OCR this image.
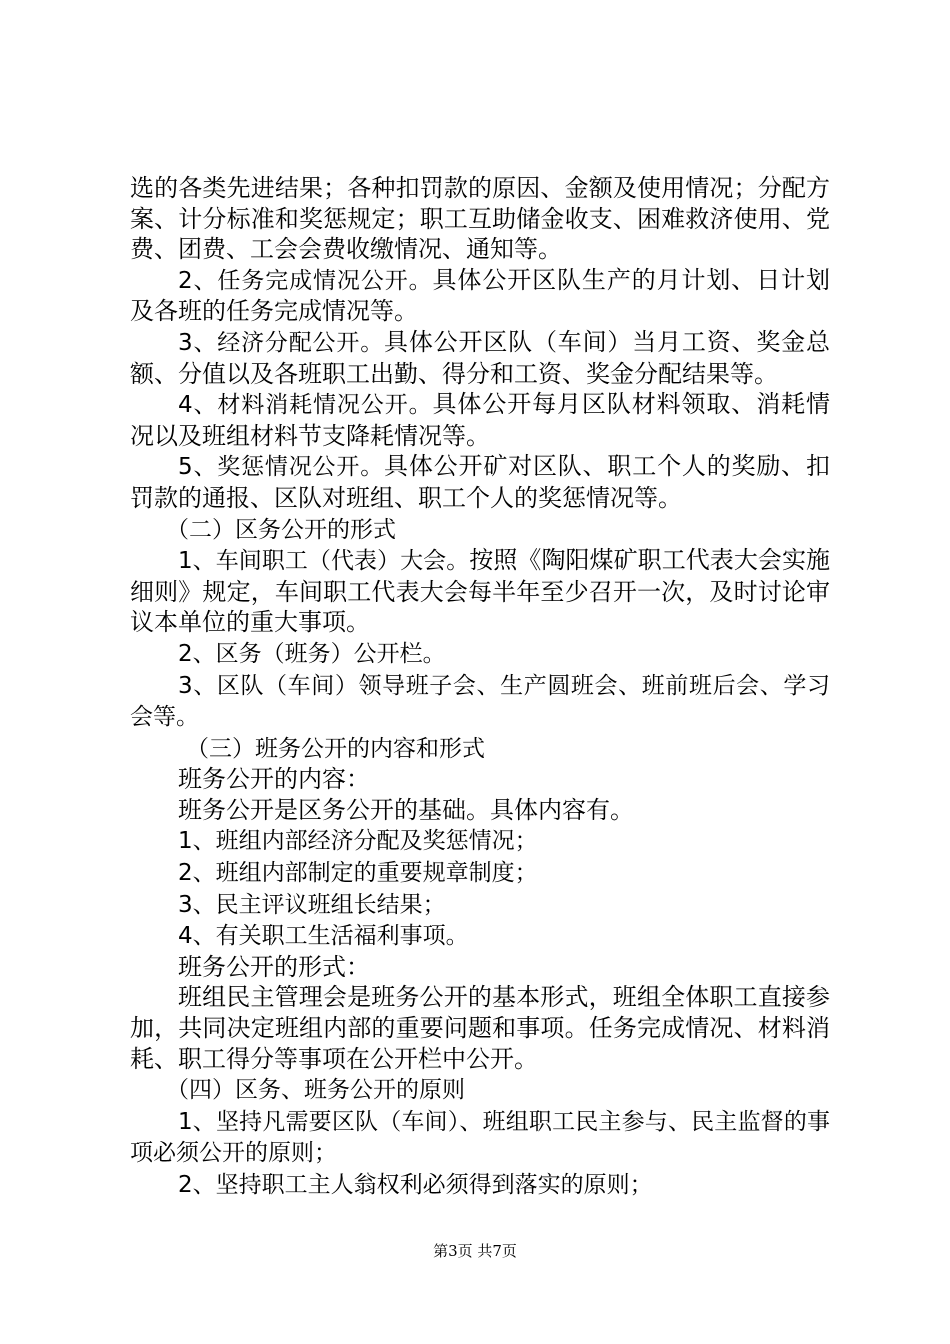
选的各类先进结果；各种扣罚款的原因、金额及使用情况；分配方案、计分标准和奖惩规定；职工互助储金收支、困难救济使用、党费、团费、工会会费收缴情况、通知等。

2、任务完成情况公开。具体公开区队生产的月计划、日计划及各班的任务完成情况等。

3、经济分配公开。具体公开区队（车间）当月工资、奖金总额、分值以及各班职工出勤、得分和工资、奖金分配结果等。

4、材料消耗情况公开。具体公开每月区队材料领取、消耗情况以及班组材料节支降耗情况等。

5、奖惩情况公开。具体公开矿对区队、职工个人的奖励、扣罚款的通报、区队对班组、职工个人的奖惩情况等。

（二）区务公开的形式

1、车间职工（代表）大会。按照《陶阳煤矿职工代表大会实施细则》规定，车间职工代表大会每半年至少召开一次，及时讨论审议本单位的重大事项。

2、区务（班务）公开栏。

3、区队（车间）领导班子会、生产圆班会、班前班后会、学习会等。

（三）班务公开的内容和形式

班务公开的内容：

班务公开是区务公开的基础。具体内容有。

1、班组内部经济分配及奖惩情况；

2、班组内部制定的重要规章制度；

3、民主评议班组长结果；

4、有关职工生活福利事项。

班务公开的形式：

班组民主管理会是班务公开的基本形式，班组全体职工直接参加，共同决定班组内部的重要问题和事项。任务完成情况、材料消耗、职工得分等事项在公开栏中公开。

（四）区务、班务公开的原则

1、坚持凡需要区队（车间）、班组职工民主参与、民主监督的事项必须公开的原则；

2、坚持职工主人翁权利必须得到落实的原则；

第3页 共7页
